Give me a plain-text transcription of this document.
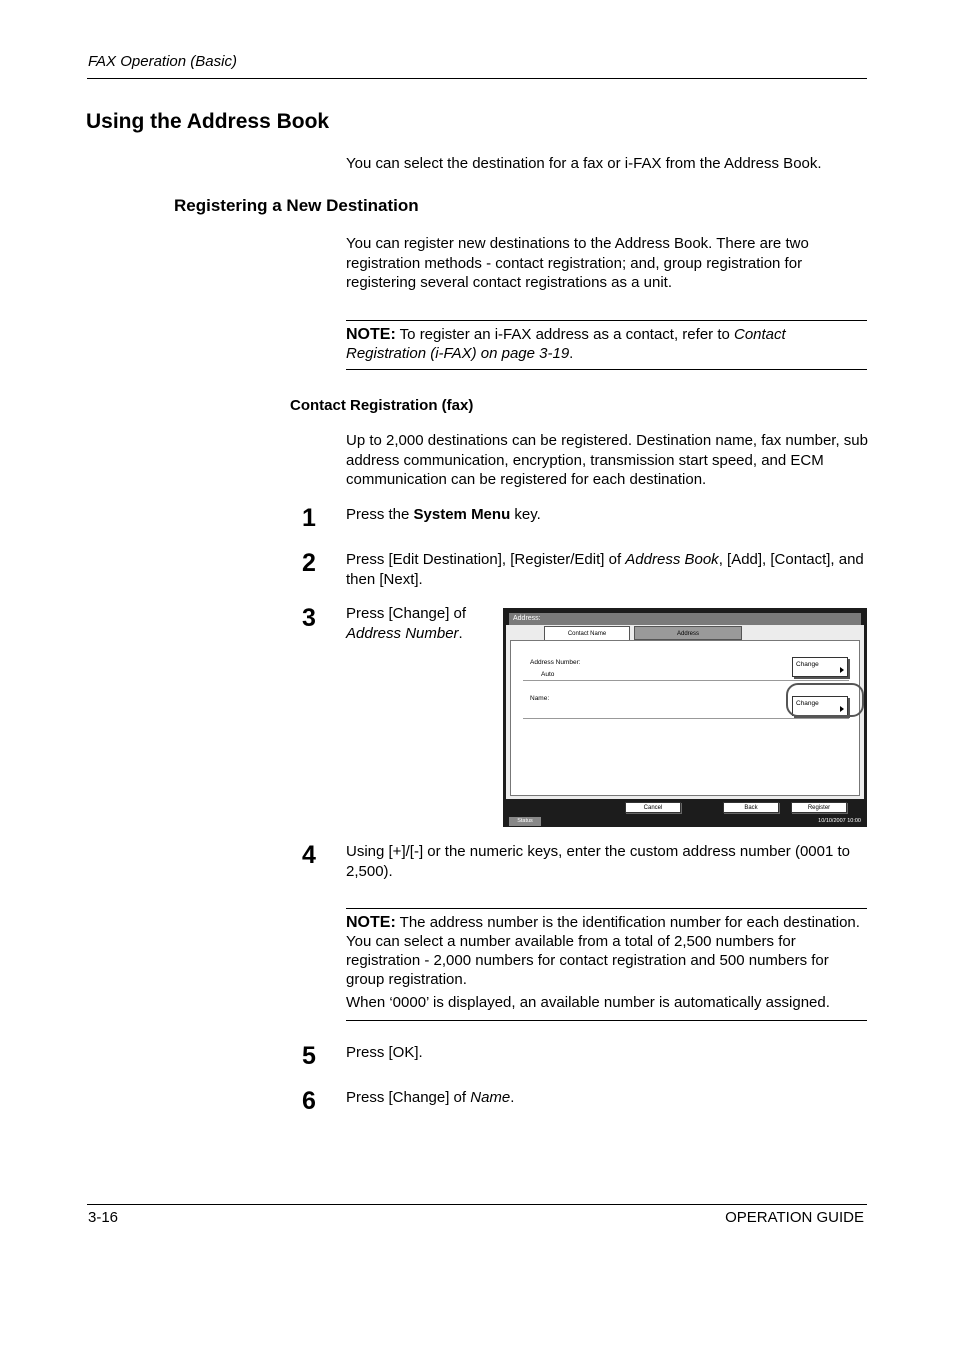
FAX Operation (Basic)
Using the Address Book
You can select the destination for a fax or i-FAX from the Address Book.
Registering a New Destination
You can register new destinations to the Address Book. There are two registration methods - contact registration; and, group registration for registering several contact registrations as a unit.
NOTE: To register an i-FAX address as a contact, refer to Contact Registration (i-FAX) on page 3-19.
Contact Registration (fax)
Up to 2,000 destinations can be registered. Destination name, fax number, sub address communication, encryption, transmission start speed, and ECM communication can be registered for each destination.
1 Press the System Menu key.
2 Press [Edit Destination], [Register/Edit] of Address Book, [Add], [Contact], and then [Next].
3 Press [Change] of Address Number.
Address:
Contact Name	Address
Address Number:
Auto
Name:
Change
Change
Cancel	Back	Register
Status	10/10/2007 10:00
4 Using [+]/[-] or the numeric keys, enter the custom address number (0001 to 2,500).
NOTE: The address number is the identification number for each destination. You can select a number available from a total of 2,500 numbers for registration - 2,000 numbers for contact registration and 500 numbers for group registration.
When ‘0000’ is displayed, an available number is automatically assigned.
5 Press [OK].
6 Press [Change] of Name.
3-16	OPERATION GUIDE
